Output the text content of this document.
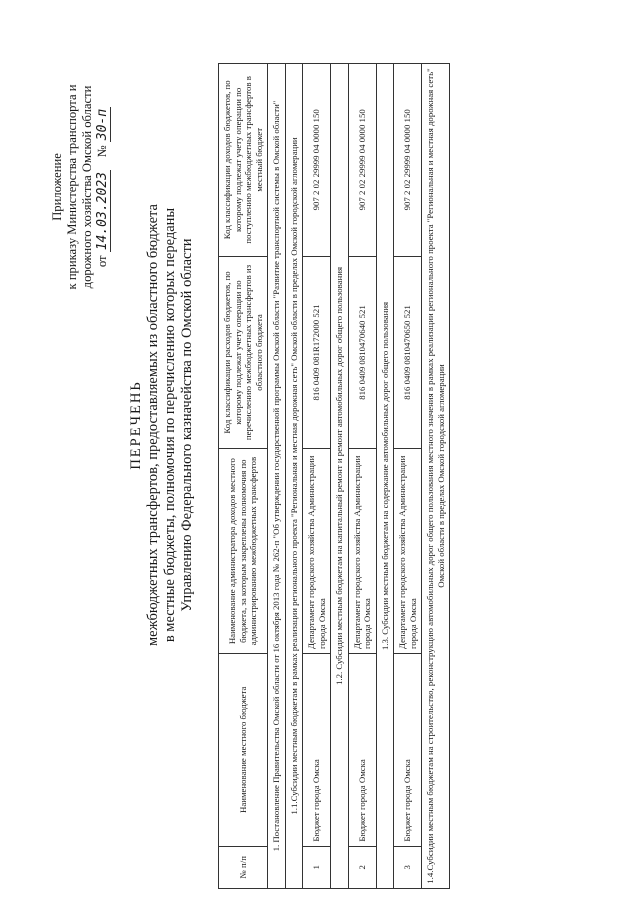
Приложение к приказу Министерства транспорта и дорожного хозяйства Омской области от 14.03.2023    № 30-п
ПЕРЕЧЕНЬ межбюджетных трансфертов, предоставляемых из областного бюджета в местные бюджеты, полномочия по перечислению которых переданы Управлению Федерального казначейства по Омской области
№ п/п	Наименование местного бюджета	Наименование администратора доходов местного бюджета, за которым закреплены полномочия по администрированию межбюджетных трансфертов	Код классификации расходов бюджетов, по которому подлежат учету операции по перечислению межбюджетных трансфертов из областного бюджета	Код классификации доходов бюджетов, по которому подлежат учету операции по поступлению межбюджетных трансфертов в местный бюджет
1. Постановление Правительства Омской области от 16 октября 2013 года № 262-п "Об утверждении государственной программы Омской области "Развитие транспортной системы в Омской области"				
1.1.Субсидии местным бюджетам в рамках реализации регионального проекта "Региональная и местная дорожная сеть" Омской области в пределах Омской городской агломерации				
1	Бюджет города Омска	Департамент городского хозяйства Администрации города Омска	816 0409 081R172000 521	907 2 02 29999 04 0000 150
1.2. Субсидии местным бюджетам на капитальный ремонт и ремонт автомобильных дорог общего пользования				
2	Бюджет города Омска	Департамент городского хозяйства Администрации города Омска	816 0409 0810470640 521	907 2 02 29999 04 0000 150
1.3. Субсидии местным бюджетам на содержание автомобильных дорог общего пользования				
3	Бюджет города Омска	Департамент городского хозяйства Администрации города Омска	816 0409 0810470650 521	907 2 02 29999 04 0000 150
1.4.Субсидии местным бюджетам на строительство, реконструкцию автомобильных дорог общего пользования местного значения в рамках реализации регионального проекта "Региональная и местная дорожная сеть" Омской области в пределах Омской городской агломерации				
